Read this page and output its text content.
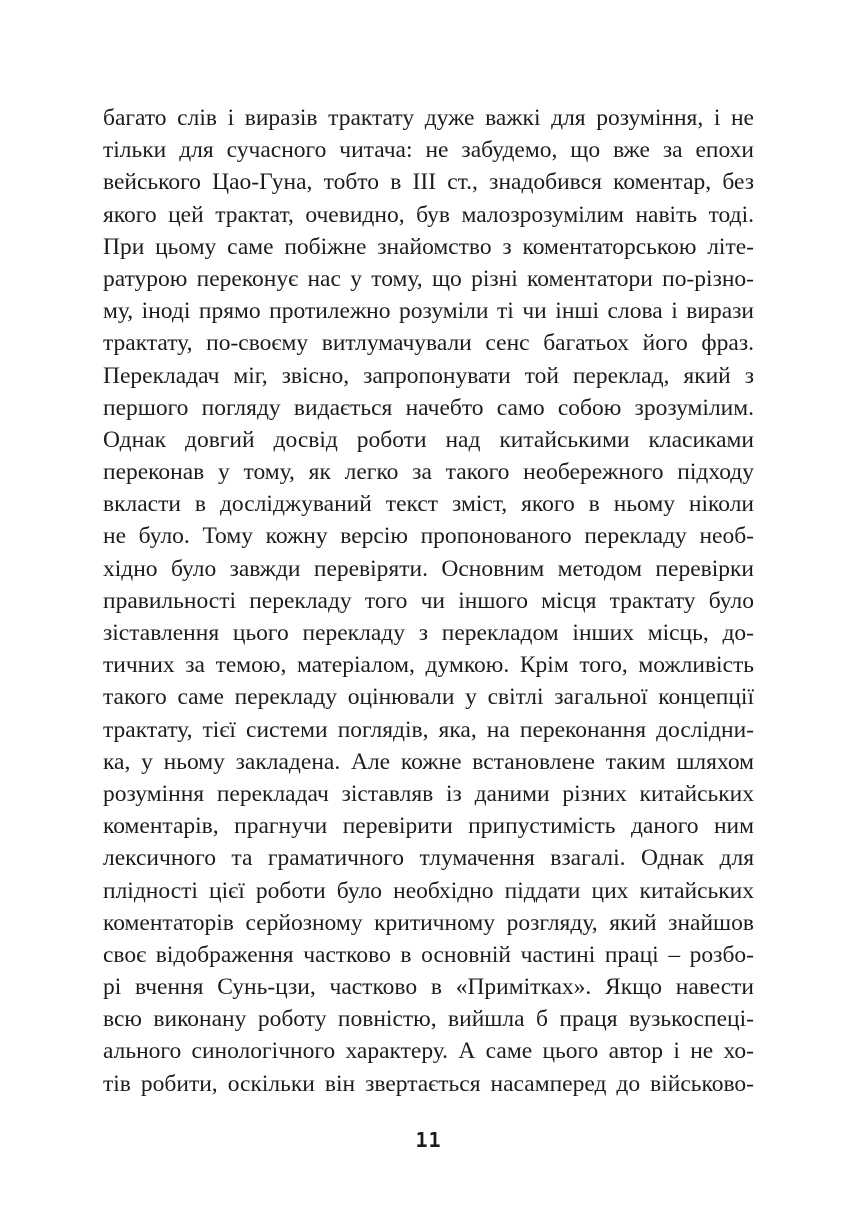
багато слів і виразів трактату дуже важкі для розуміння, і не
тільки для сучасного читача: не забудемо, що вже за епохи
вейського Цао-Гуна, тобто в III ст., знадобився коментар, без
якого цей трактат, очевидно, був малозрозумілим навіть тоді.
При цьому саме побіжне знайомство з коментаторською літе-
ратурою переконує нас у тому, що різні коментатори по-різно-
му, іноді прямо протилежно розуміли ті чи інші слова і вирази
трактату, по-своєму витлумачували сенс багатьох його фраз.
Перекладач міг, звісно, запропонувати той переклад, який з
першого погляду видається начебто само собою зрозумілим.
Однак довгий досвід роботи над китайськими класиками
переконав у тому, як легко за такого необережного підходу
вкласти в досліджуваний текст зміст, якого в ньому ніколи
не було. Тому кожну версію пропонованого перекладу необ-
хідно було завжди перевіряти. Основним методом перевірки
правильності перекладу того чи іншого місця трактату було
зіставлення цього перекладу з перекладом інших місць, до-
тичних за темою, матеріалом, думкою. Крім того, можливість
такого саме перекладу оцінювали у світлі загальної концепції
трактату, тієї системи поглядів, яка, на переконання дослідни-
ка, у ньому закладена. Але кожне встановлене таким шляхом
розуміння перекладач зіставляв із даними різних китайських
коментарів, прагнучи перевірити припустимість даного ним
лексичного та граматичного тлумачення взагалі. Однак для
плідності цієї роботи було необхідно піддати цих китайських
коментаторів серйозному критичному розгляду, який знайшов
своє відображення частково в основній частині праці – розбо-
рі вчення Сунь-цзи, частково в «Примітках». Якщо навести
всю виконану роботу повністю, вийшла б праця вузькоспеці-
ального синологічного характеру. А саме цього автор і не хо-
тів робити, оскільки він звертається насамперед до військово-
11
